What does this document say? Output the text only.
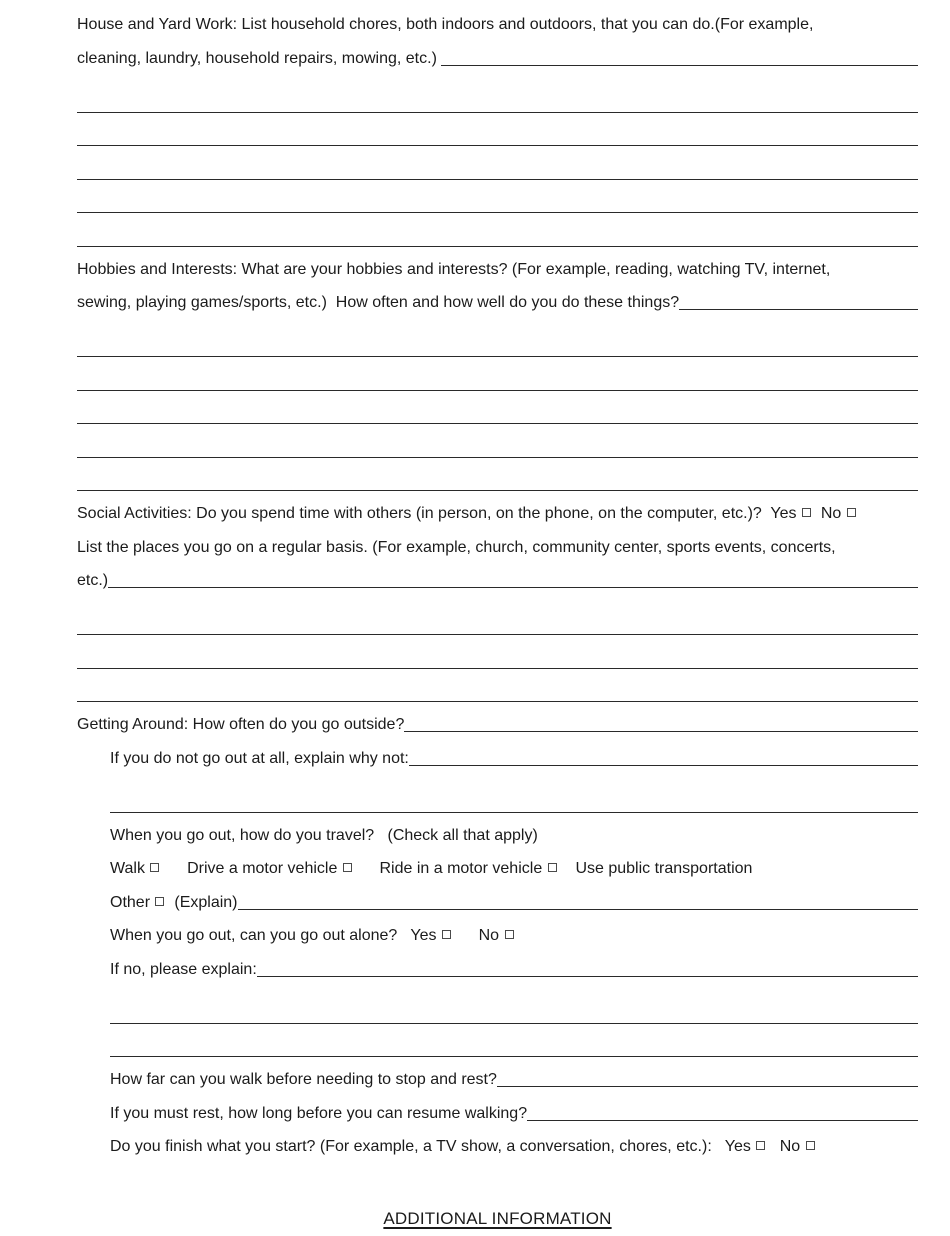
House and Yard Work: List household chores, both indoors and outdoors, that you can do.(For example,
cleaning, laundry, household repairs, mowing, etc.)
Hobbies and Interests: What are your hobbies and interests? (For example, reading, watching TV, internet,
sewing, playing games/sports, etc.)  How often and how well do you do these things?
Social Activities: Do you spend time with others (in person, on the phone, on the computer, etc.)?  Yes No
List the places you go on a regular basis. (For example, church, community center, sports events, concerts,
etc.)
Getting Around: How often do you go outside?
If you do not go out at all, explain why not:
When you go out, how do you travel?   (Check all that apply)
Walk Drive a motor vehicle Ride in a motor vehicle Use public transportation
Other (Explain)
When you go out, can you go out alone?   Yes No
If no, please explain:
How far can you walk before needing to stop and rest?
If you must rest, how long before you can resume walking?
Do you finish what you start? (For example, a TV show, a conversation, chores, etc.):   Yes No
ADDITIONAL INFORMATION
